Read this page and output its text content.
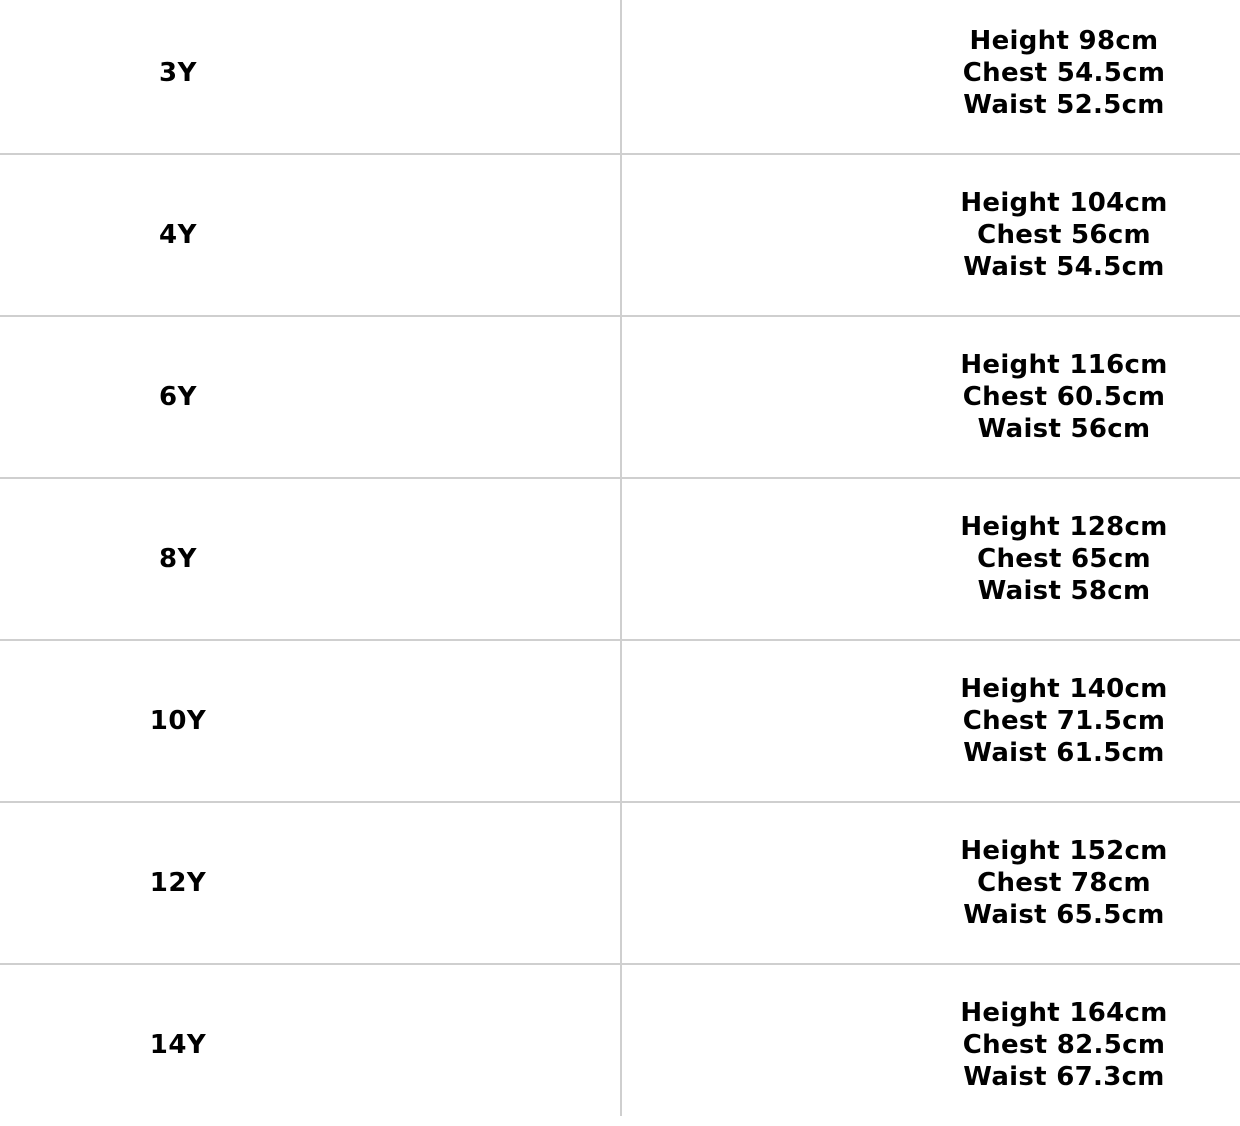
3Y
Height 98cm
Chest 54.5cm
Waist 52.5cm
4Y
Height 104cm
Chest 56cm
Waist 54.5cm
6Y
Height 116cm
Chest 60.5cm
Waist 56cm
8Y
Height 128cm
Chest 65cm
Waist 58cm
10Y
Height 140cm
Chest 71.5cm
Waist 61.5cm
12Y
Height 152cm
Chest 78cm
Waist 65.5cm
14Y
Height 164cm
Chest 82.5cm
Waist 67.3cm
